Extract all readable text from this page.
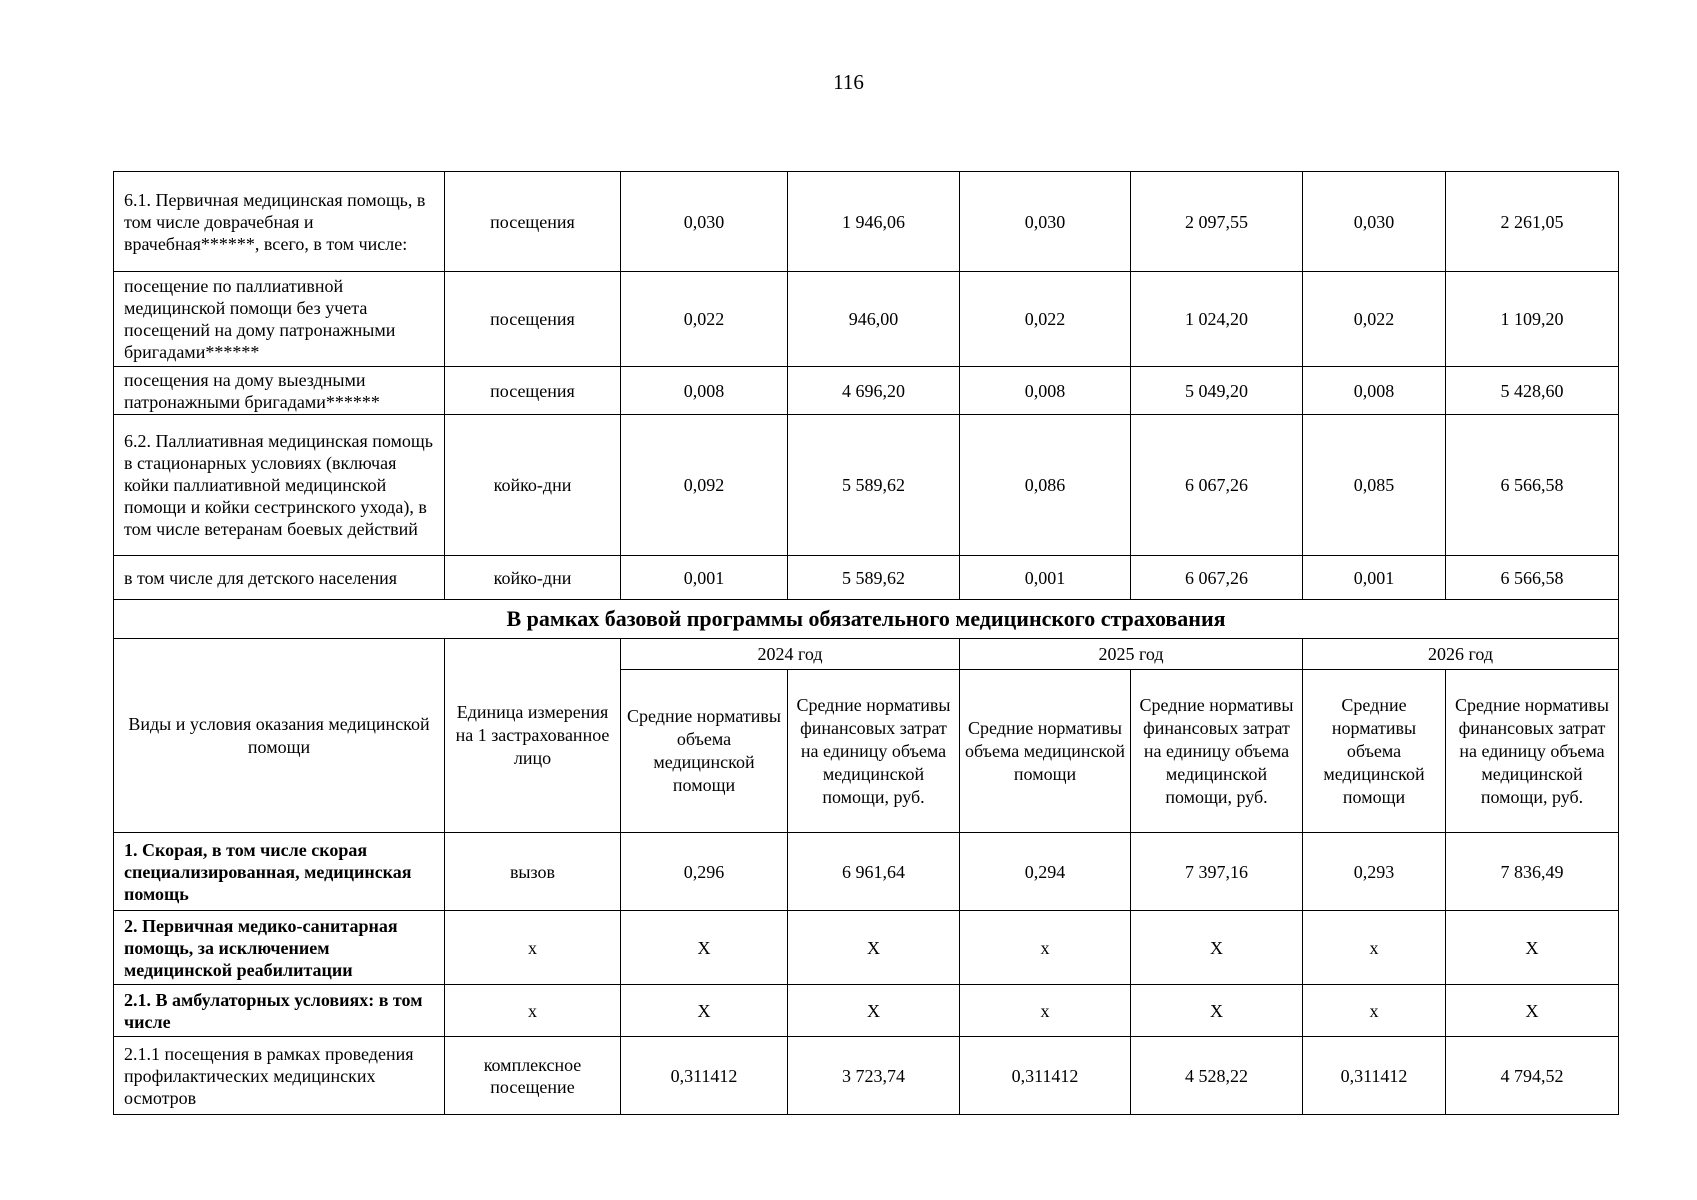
116
6.1. Первичная медицинская помощь, в том числе доврачебная и врачебная******, всего, в том числе:	посещения	0,030	1 946,06	0,030	2 097,55	0,030	2 261,05
посещение по паллиативной медицинской помощи без учета посещений на дому патронажными бригадами******	посещения	0,022	946,00	0,022	1 024,20	0,022	1 109,20
посещения на дому выездными патронажными бригадами******	посещения	0,008	4 696,20	0,008	5 049,20	0,008	5 428,60
6.2. Паллиативная медицинская помощь в стационарных условиях (включая койки паллиативной медицинской помощи и койки сестринского ухода), в том числе ветеранам боевых действий	койко-дни	0,092	5 589,62	0,086	6 067,26	0,085	6 566,58
в том числе для детского населения	койко-дни	0,001	5 589,62	0,001	6 067,26	0,001	6 566,58
В рамках базовой программы обязательного медицинского страхования							
Виды и условия оказания медицинской помощи	Единица измерения на 1 застрахованное лицо	2024 год		2025 год		2026 год	
		Средние нормативы объема медицинской помощи	Средние нормативы финансовых затрат на единицу объема медицинской помощи, руб.	Средние нормативы объема медицинской помощи	Средние нормативы финансовых затрат на единицу объема медицинской помощи, руб.	Средние нормативы объема медицинской помощи	Средние нормативы финансовых затрат на единицу объема медицинской помощи, руб.
1. Скорая, в том числе скорая специализированная, медицинская помощь	вызов	0,296	6 961,64	0,294	7 397,16	0,293	7 836,49
2. Первичная медико-санитарная помощь, за исключением медицинской реабилитации	х	Х	Х	х	Х	х	Х
2.1. В амбулаторных условиях: в том числе	х	Х	Х	х	Х	х	Х
2.1.1 посещения в рамках проведения профилактических медицинских осмотров	комплексное посещение	0,311412	3 723,74	0,311412	4 528,22	0,311412	4 794,52
